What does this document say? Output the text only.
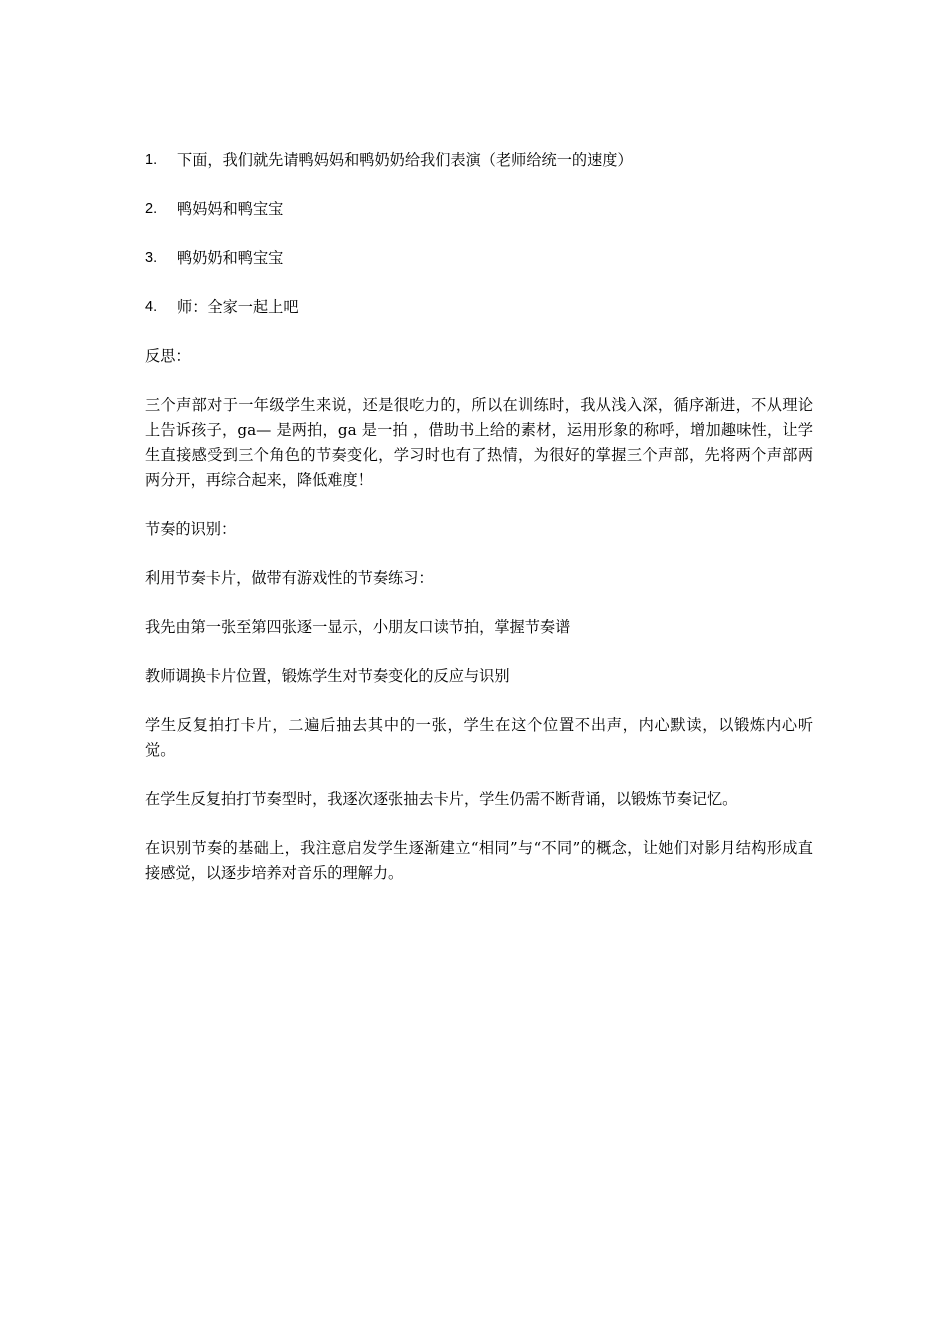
1.	下面，我们就先请鸭妈妈和鸭奶奶给我们表演（老师给统一的速度）
2.	鸭妈妈和鸭宝宝
3.	鸭奶奶和鸭宝宝
4.	师：全家一起上吧

反思：

三个声部对于一年级学生来说，还是很吃力的，所以在训练时，我从浅入深，循序渐进，不从理论上告诉孩子，ga— 是两拍，ga 是一拍 ，借助书上给的素材，运用形象的称呼，增加趣味性，让学生直接感受到三个角色的节奏变化，学习时也有了热情，为很好的掌握三个声部，先将两个声部两两分开，再综合起来，降低难度！

节奏的识别：

利用节奏卡片，做带有游戏性的节奏练习：

我先由第一张至第四张逐一显示，小朋友口读节拍，掌握节奏谱

教师调换卡片位置，锻炼学生对节奏变化的反应与识别

学生反复拍打卡片，二遍后抽去其中的一张，学生在这个位置不出声，内心默读，以锻炼内心听觉。

在学生反复拍打节奏型时，我逐次逐张抽去卡片，学生仍需不断背诵，以锻炼节奏记忆。

在识别节奏的基础上，我注意启发学生逐渐建立“相同”与“不同”的概念，让她们对影月结构形成直接感觉，以逐步培养对音乐的理解力。
